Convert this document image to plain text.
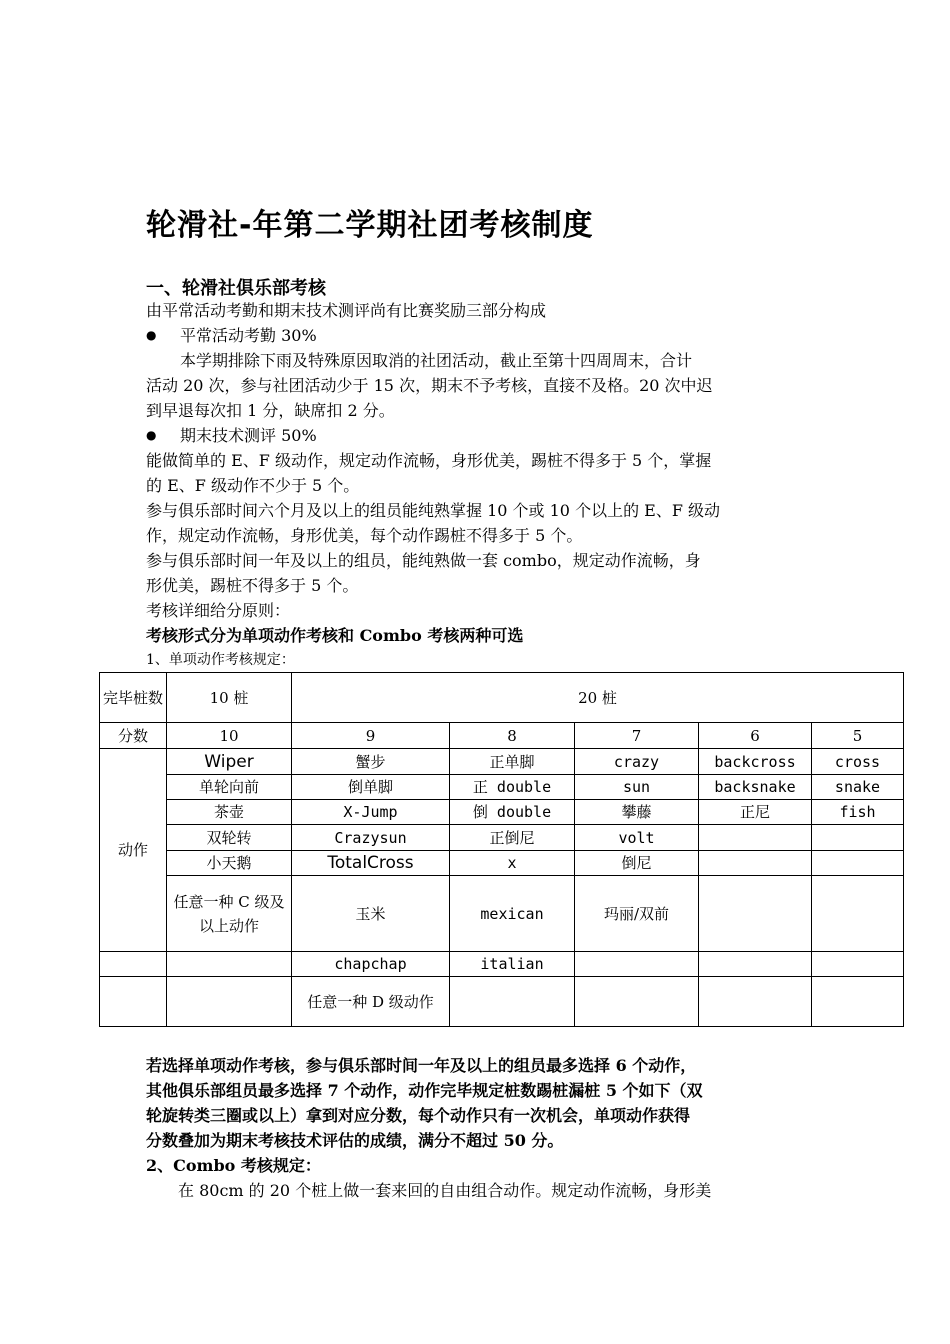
轮滑社-年第二学期社团考核制度
一、轮滑社俱乐部考核
由平常活动考勤和期末技术测评尚有比赛奖励三部分构成
● 平常活动考勤 30%
本学期排除下雨及特殊原因取消的社团活动，截止至第十四周周末，合计
活动 20 次，参与社团活动少于 15 次，期末不予考核，直接不及格。20 次中迟
到早退每次扣 1 分，缺席扣 2 分。
● 期末技术测评 50%
能做简单的 E、F 级动作，规定动作流畅，身形优美，踢桩不得多于 5 个，掌握
的 E、F 级动作不少于 5 个。
参与俱乐部时间六个月及以上的组员能纯熟掌握 10 个或 10 个以上的 E、F 级动
作，规定动作流畅，身形优美，每个动作踢桩不得多于 5 个。
参与俱乐部时间一年及以上的组员，能纯熟做一套 combo，规定动作流畅，身
形优美，踢桩不得多于 5 个。
考核详细给分原则：
考核形式分为单项动作考核和 Combo 考核两种可选
1、单项动作考核规定：
完毕桩数	10 桩	20 桩				
分数	10	9	8	7	6	5
动作	Wiper	蟹步	正单脚	crazy	backcross	cross
	单轮向前	倒单脚	正 double	sun	backsnake	snake
	茶壶	X-Jump	倒 double	攀藤	正尼	fish
	双轮转	Crazysun	正倒尼	volt		
	小天鹅	TotalCross	x	倒尼		
	任意一种 C 级及以上动作	玉米	mexican	玛丽/双前		
		chapchap	italian			
		任意一种 D 级动作				
若选择单项动作考核，参与俱乐部时间一年及以上的组员最多选择 6 个动作，
其他俱乐部组员最多选择 7 个动作，动作完毕规定桩数踢桩漏桩 5 个如下（双
轮旋转类三圈或以上）拿到对应分数，每个动作只有一次机会，单项动作获得
分数叠加为期末考核技术评估的成绩，满分不超过 50 分。
2、Combo 考核规定：
在 80cm 的 20 个桩上做一套来回的自由组合动作。规定动作流畅，身形美
